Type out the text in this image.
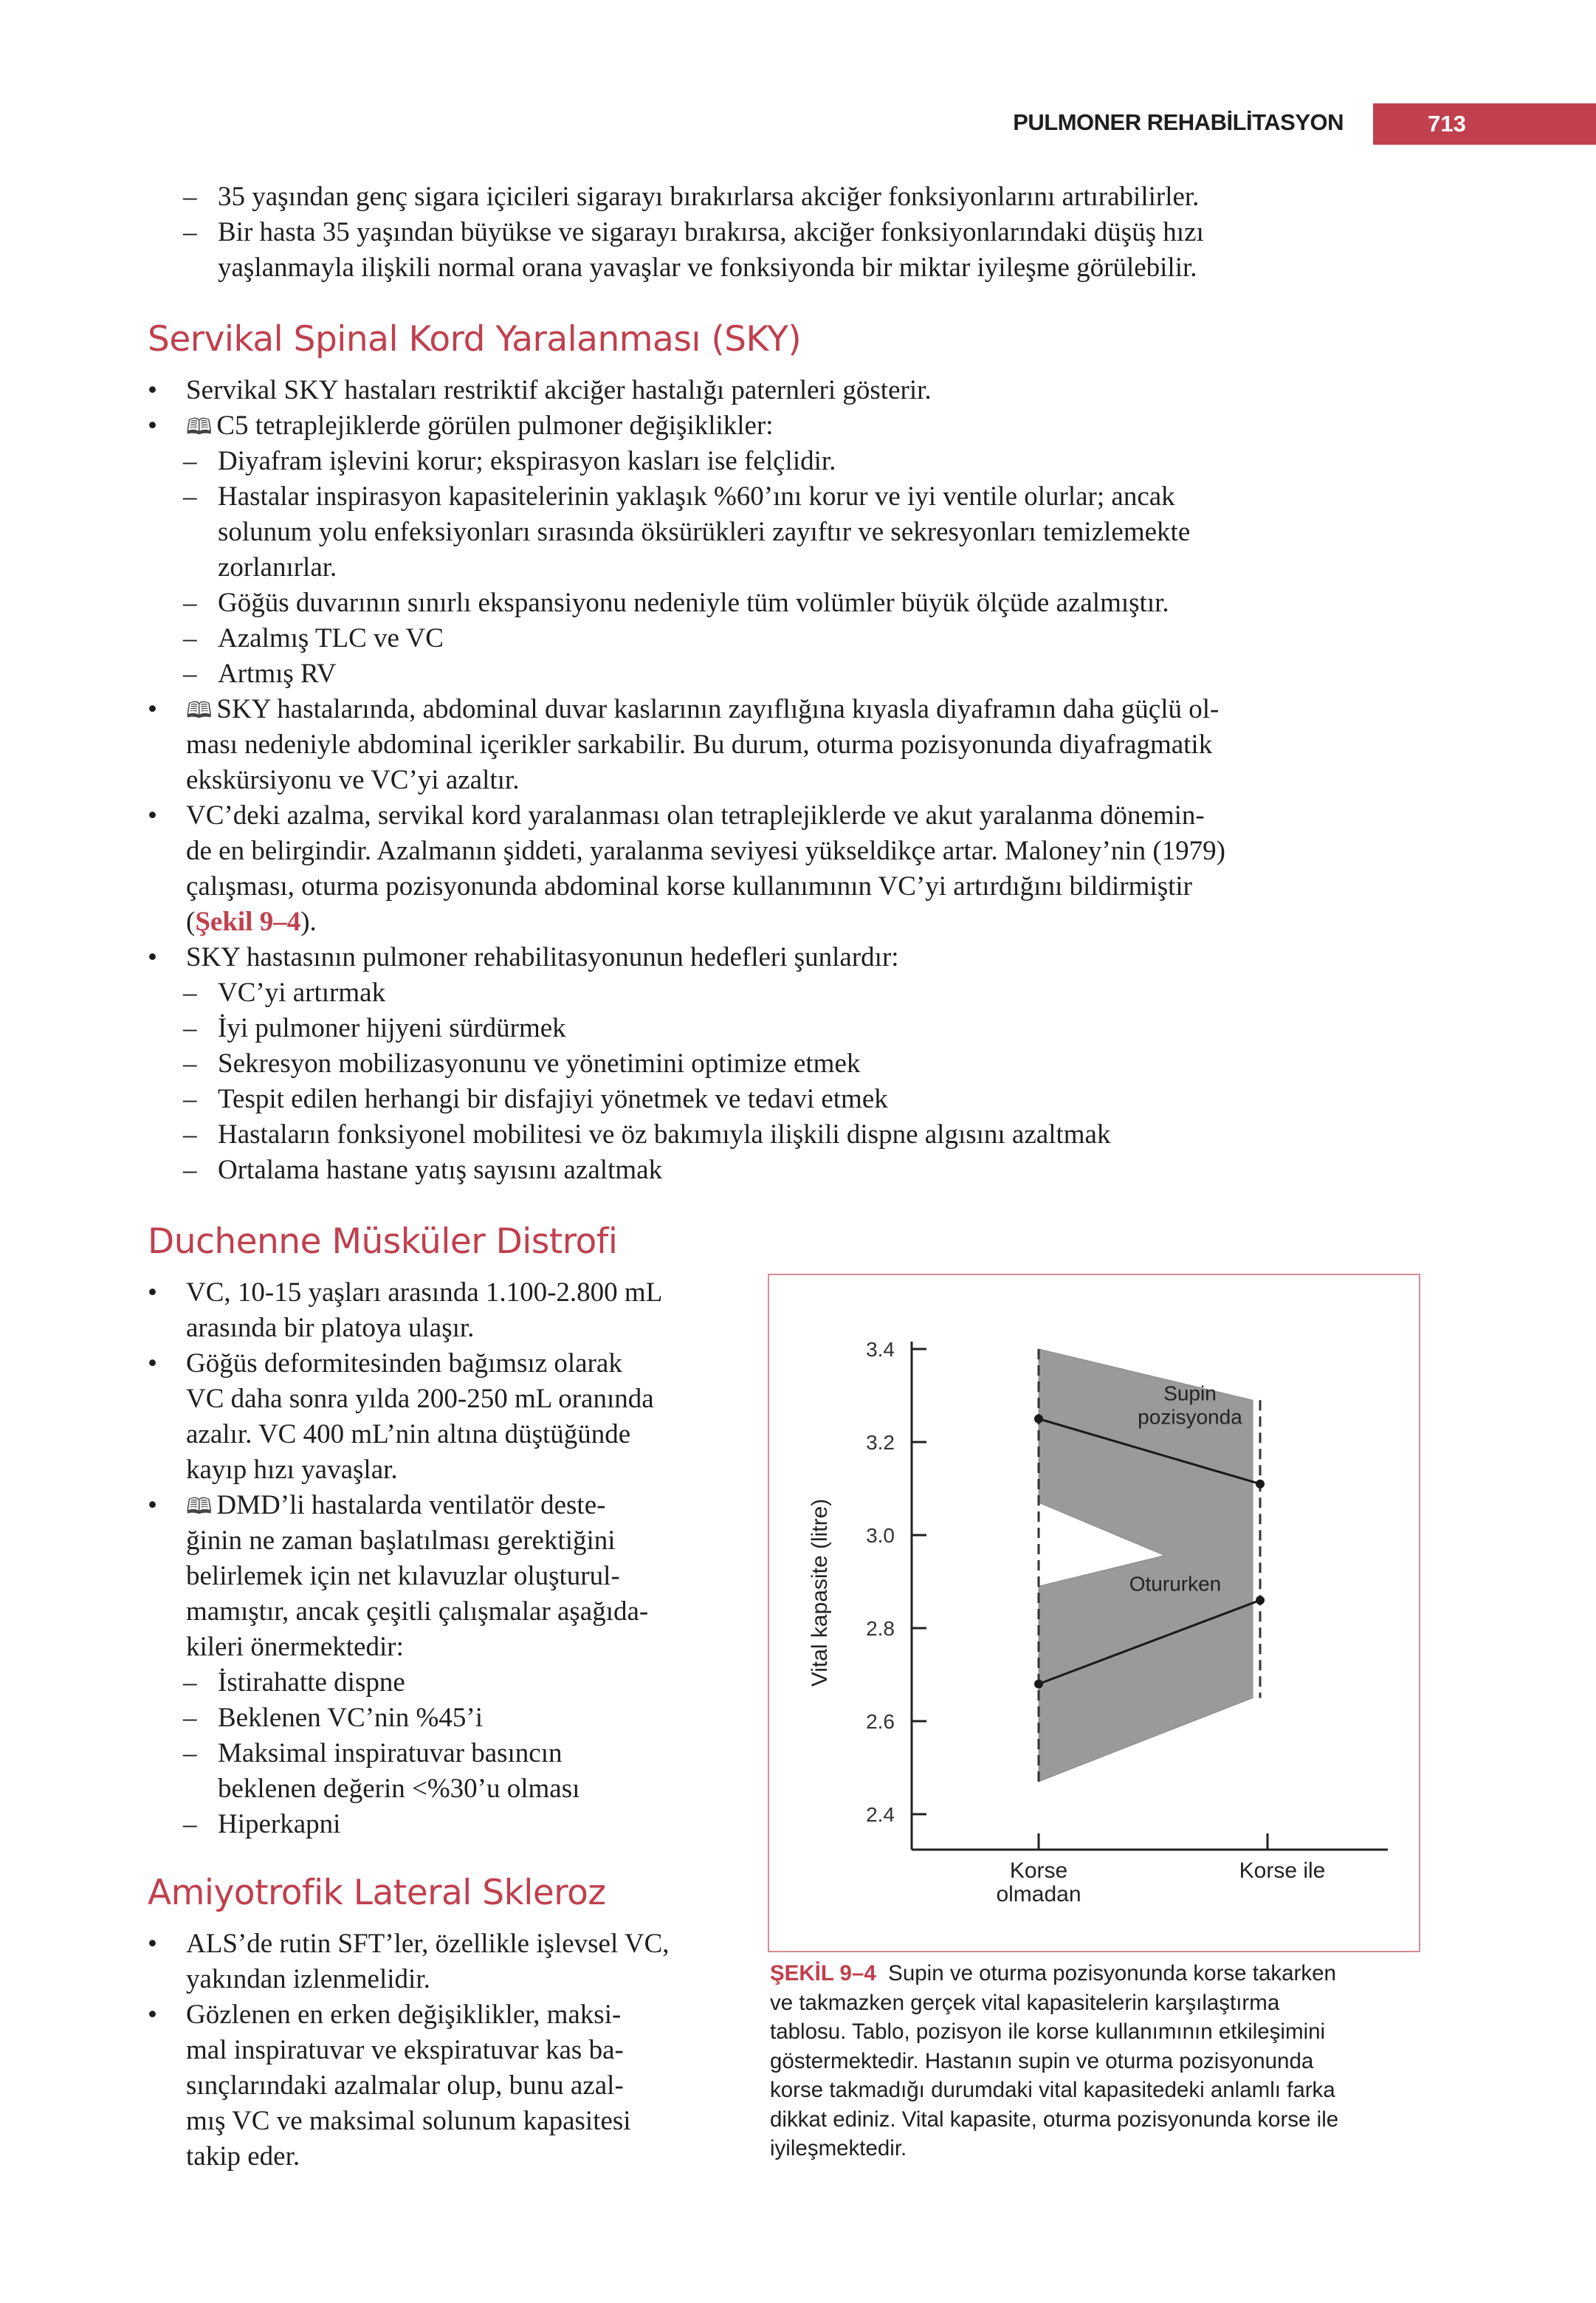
PULMONER REHABİLİTASYON	713
– 35 yaşından genç sigara içicileri sigarayı bırakırlarsa akciğer fonksiyonlarını artırabilirler.
– Bir hasta 35 yaşından büyükse ve sigarayı bırakırsa, akciğer fonksiyonlarındaki düşüş hızı
yaşlanmayla ilişkili normal orana yavaşlar ve fonksiyonda bir miktar iyileşme görülebilir.
Servikal Spinal Kord Yaralanması (SKY)
• Servikal SKY hastaları restriktif akciğer hastalığı paternleri gösterir.
• 🕮 C5 tetraplejiklerde görülen pulmoner değişiklikler:
– Diyafram işlevini korur; ekspirasyon kasları ise felçlidir.
– Hastalar inspirasyon kapasitelerinin yaklaşık %60’ını korur ve iyi ventile olurlar; ancak
solunum yolu enfeksiyonları sırasında öksürükleri zayıftır ve sekresyonları temizlemekte
zorlanırlar.
– Göğüs duvarının sınırlı ekspansiyonu nedeniyle tüm volümler büyük ölçüde azalmıştır.
– Azalmış TLC ve VC
– Artmış RV
• 🕮 SKY hastalarında, abdominal duvar kaslarının zayıflığına kıyasla diyaframın daha güçlü ol-
ması nedeniyle abdominal içerikler sarkabilir. Bu durum, oturma pozisyonunda diyafragmatik
ekskürsiyonu ve VC’yi azaltır.
• VC’deki azalma, servikal kord yaralanması olan tetraplejiklerde ve akut yaralanma dönemin-
de en belirgindir. Azalmanın şiddeti, yaralanma seviyesi yükseldikçe artar. Maloney’nin (1979)
çalışması, oturma pozisyonunda abdominal korse kullanımının VC’yi artırdığını bildirmiştir
(Şekil 9–4).
• SKY hastasının pulmoner rehabilitasyonunun hedefleri şunlardır:
– VC’yi artırmak
– İyi pulmoner hijyeni sürdürmek
– Sekresyon mobilizasyonunu ve yönetimini optimize etmek
– Tespit edilen herhangi bir disfajiyi yönetmek ve tedavi etmek
– Hastaların fonksiyonel mobilitesi ve öz bakımıyla ilişkili dispne algısını azaltmak
– Ortalama hastane yatış sayısını azaltmak
Duchenne Müsküler Distrofi
• VC, 10-15 yaşları arasında 1.100-2.800 mL
arasında bir platoya ulaşır.
• Göğüs deformitesinden bağımsız olarak
VC daha sonra yılda 200-250 mL oranında
azalır. VC 400 mL’nin altına düştüğünde
kayıp hızı yavaşlar.
• 🕮 DMD’li hastalarda ventilatör deste-
ğinin ne zaman başlatılması gerektiğini
belirlemek için net kılavuzlar oluşturul-
mamıştır, ancak çeşitli çalışmalar aşağıda-
kileri önermektedir:
– İstirahatte dispne
– Beklenen VC’nin %45’i
– Maksimal inspiratuvar basıncın
beklenen değerin <%30’u olması
– Hiperkapni
Amiyotrofik Lateral Skleroz
• ALS’de rutin SFT’ler, özellikle işlevsel VC,
yakından izlenmelidir.
• Gözlenen en erken değişiklikler, maksi-
mal inspiratuvar ve ekspiratuvar kas ba-
sınçlarındaki azalmalar olup, bunu azal-
mış VC ve maksimal solunum kapasitesi
takip eder.
3.4
3.2
3.0
2.8
2.6
2.4
Korse
olmadan
Korse ile
Vital kapasite (litre)
Supin
pozisyonda
Otururken
ŞEKİL 9–4 Supin ve oturma pozisyonunda korse takarken
ve takmazken gerçek vital kapasitelerin karşılaştırma
tablosu. Tablo, pozisyon ile korse kullanımının etkileşimini
göstermektedir. Hastanın supin ve oturma pozisyonunda
korse takmadığı durumdaki vital kapasitedeki anlamlı farka
dikkat ediniz. Vital kapasite, oturma pozisyonunda korse ile
iyileşmektedir.
